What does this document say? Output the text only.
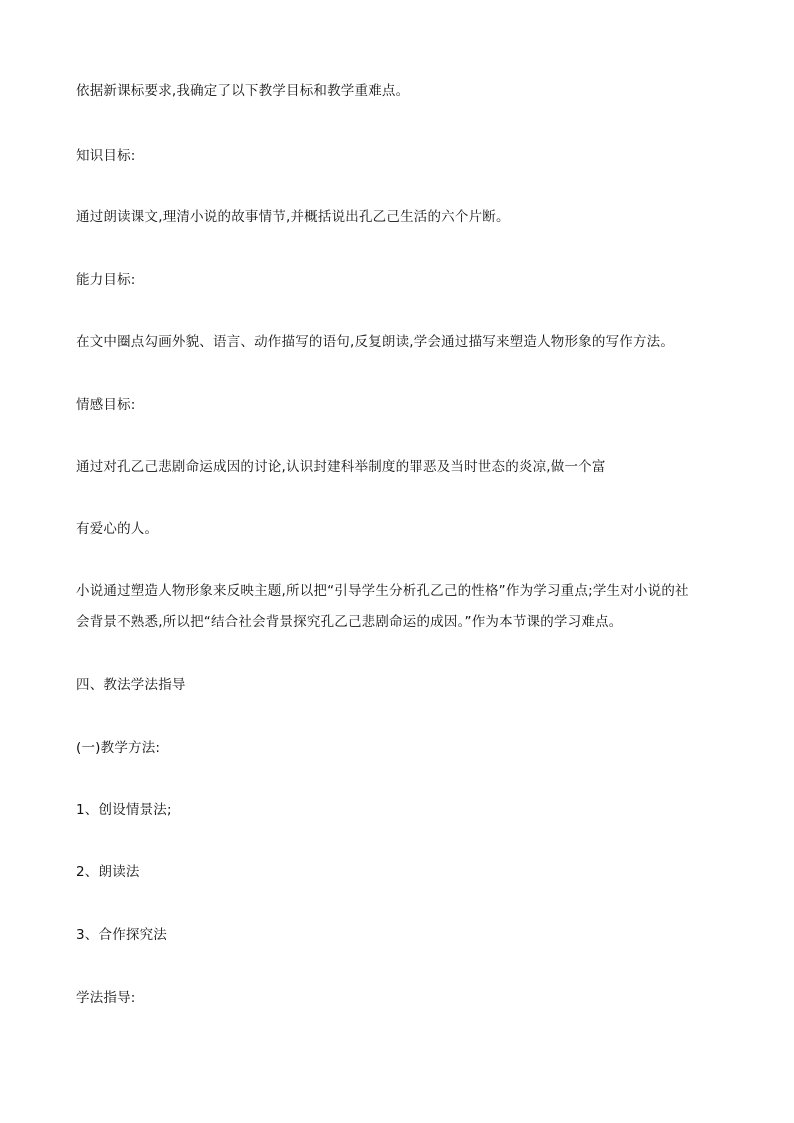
依据新课标要求,我确定了以下教学目标和教学重难点。
知识目标:
通过朗读课文,理清小说的故事情节,并概括说出孔乙己生活的六个片断。
能力目标:
在文中圈点勾画外貌、语言、动作描写的语句,反复朗读,学会通过描写来塑造人物形象的写作方法。
情感目标:
通过对孔乙己悲剧命运成因的讨论,认识封建科举制度的罪恶及当时世态的炎凉,做一个富
有爱心的人。
小说通过塑造人物形象来反映主题,所以把“引导学生分析孔乙己的性格”作为学习重点;学生对小说的社
会背景不熟悉,所以把“结合社会背景探究孔乙己悲剧命运的成因。”作为本节课的学习难点。
四、教法学法指导
(一)教学方法:
1、创设情景法;
2、朗读法
3、合作探究法
学法指导:
